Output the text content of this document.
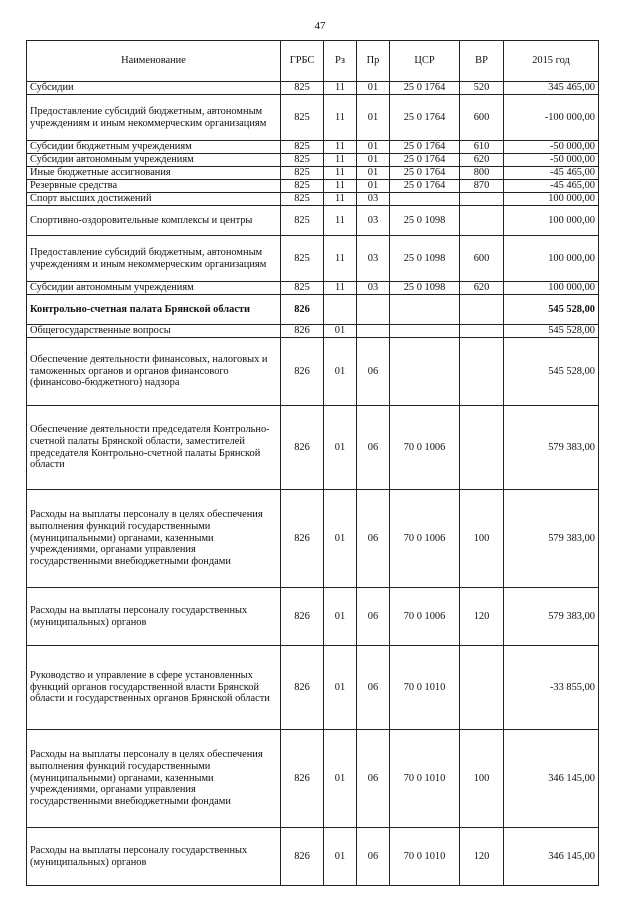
47
Наименование	ГРБС	Рз	Пр	ЦСР	ВР	2015 год
Субсидии	825	11	01	25 0 1764	520	345 465,00
Предоставление субсидий бюджетным, автономным учреждениям и иным некоммерческим организациям	825	11	01	25 0 1764	600	-100 000,00
Субсидии бюджетным учреждениям	825	11	01	25 0 1764	610	-50 000,00
Субсидии автономным учреждениям	825	11	01	25 0 1764	620	-50 000,00
Иные бюджетные ассигнования	825	11	01	25 0 1764	800	-45 465,00
Резервные средства	825	11	01	25 0 1764	870	-45 465,00
Спорт высших достижений	825	11	03			100 000,00
Спортивно-оздоровительные комплексы и центры	825	11	03	25 0 1098		100 000,00
Предоставление субсидий бюджетным, автономным учреждениям и иным некоммерческим организациям	825	11	03	25 0 1098	600	100 000,00
Субсидии автономным учреждениям	825	11	03	25 0 1098	620	100 000,00
Контрольно-счетная палата Брянской области	826					545 528,00
Общегосударственные вопросы	826	01				545 528,00
Обеспечение деятельности финансовых, налоговых и таможенных органов и органов финансового (финансово-бюджетного) надзора	826	01	06			545 528,00
Обеспечение деятельности председателя Контрольно-счетной палаты Брянской области, заместителей председателя Контрольно-счетной палаты Брянской области	826	01	06	70 0 1006		579 383,00
Расходы на выплаты персоналу в целях обеспечения выполнения функций государственными (муниципальными) органами, казенными учреждениями, органами управления государственными внебюджетными фондами	826	01	06	70 0 1006	100	579 383,00
Расходы на выплаты персоналу государственных (муниципальных) органов	826	01	06	70 0 1006	120	579 383,00
Руководство и управление в сфере установленных функций органов государственной власти Брянской области и государственных органов Брянской области	826	01	06	70 0 1010		-33 855,00
Расходы на выплаты персоналу в целях обеспечения выполнения функций государственными (муниципальными) органами, казенными учреждениями, органами управления государственными внебюджетными фондами	826	01	06	70 0 1010	100	346 145,00
Расходы на выплаты персоналу государственных (муниципальных) органов	826	01	06	70 0 1010	120	346 145,00
